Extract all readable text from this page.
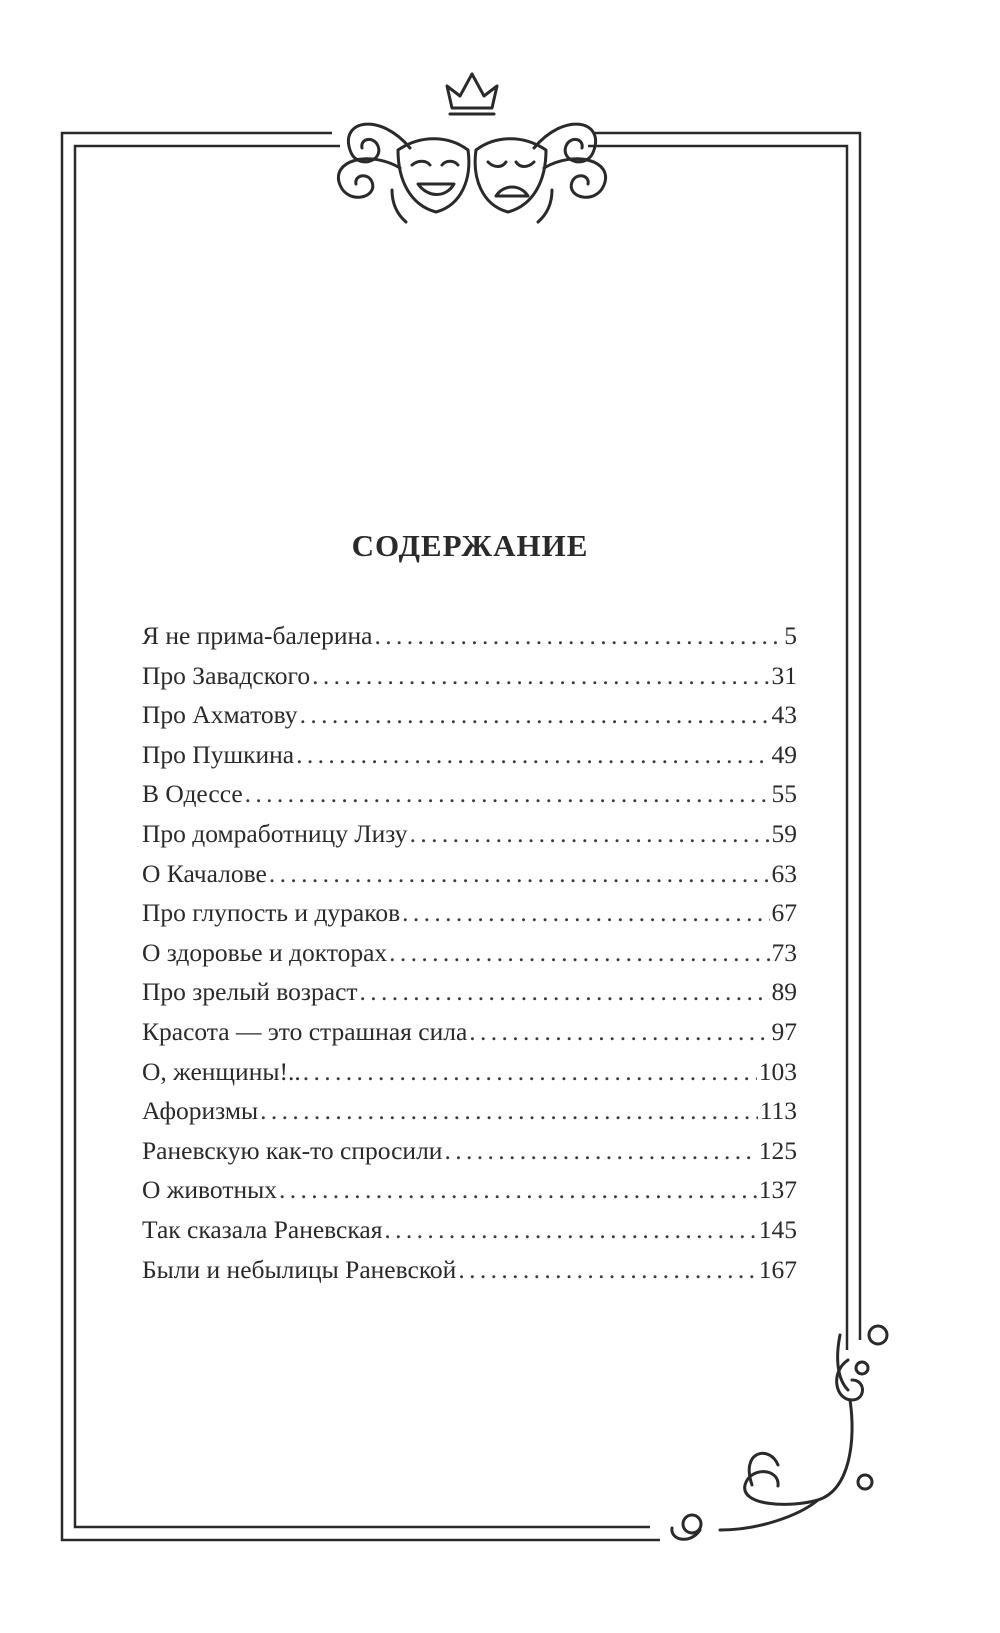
СОДЕРЖАНИЕ
Я не прима-балерина . . .	5
Про Завадского . . .	31
Про Ахматову . . .	43
Про Пушкина . . .	49
В Одессе . . .	55
Про домработницу Лизу . . .	59
О Качалове . . .	63
Про глупость и дураков . . .	67
О здоровье и докторах . . .	73
Про зрелый возраст . . .	89
Красота — это страшная сила . . .	97
О, женщины!.. . . .	103
Афоризмы . . .	113
Раневскую как-то спросили . . .	125
О животных . . .	137
Так сказала Раневская . . .	145
Были и небылицы Раневской . . .	167
